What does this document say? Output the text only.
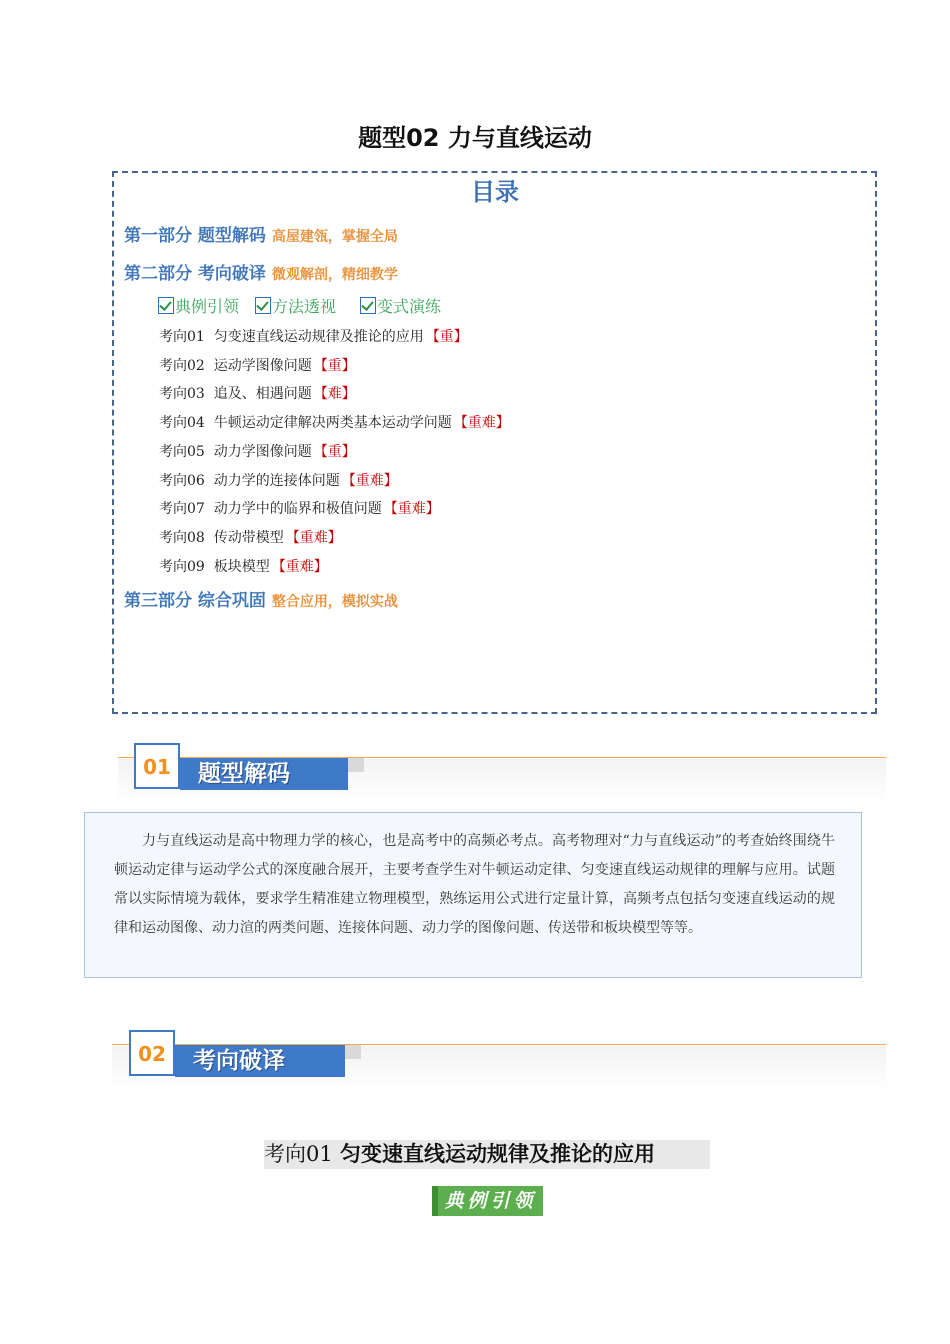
题型02 力与直线运动
目录
第一部分 题型解码 高屋建瓴，掌握全局
第二部分 考向破译 微观解剖，精细教学
典例引领 方法透视	变式演练
考向01 匀变速直线运动规律及推论的应用 【重】
考向02 运动学图像问题 【重】
考向03 追及、相遇问题 【难】
考向04 牛顿运动定律解决两类基本运动学问题 【重难】
考向05 动力学图像问题 【重】
考向06 动力学的连接体问题 【重难】
考向07 动力学中的临界和极值问题 【重难】
考向08 传动带模型 【重难】
考向09 板块模型 【重难】
第三部分 综合巩固 整合应用，模拟实战
01	题型解码
力与直线运动是高中物理力学的核心，也是高考中的高频必考点。高考物理对“力与直线运动”的考查始终围绕牛顿运动定律与运动学公式的深度融合展开，主要考查学生对牛顿运动定律、匀变速直线运动规律的理解与应用。试题常以实际情境为载体，要求学生精准建立物理模型，熟练运用公式进行定量计算，高频考点包括匀变速直线运动的规律和运动图像、动力渲的两类问题、连接体问题、动力学的图像问题、传送带和板块模型等等。
02	考向破译
考向01 匀变速直线运动规律及推论的应用
典例引领
